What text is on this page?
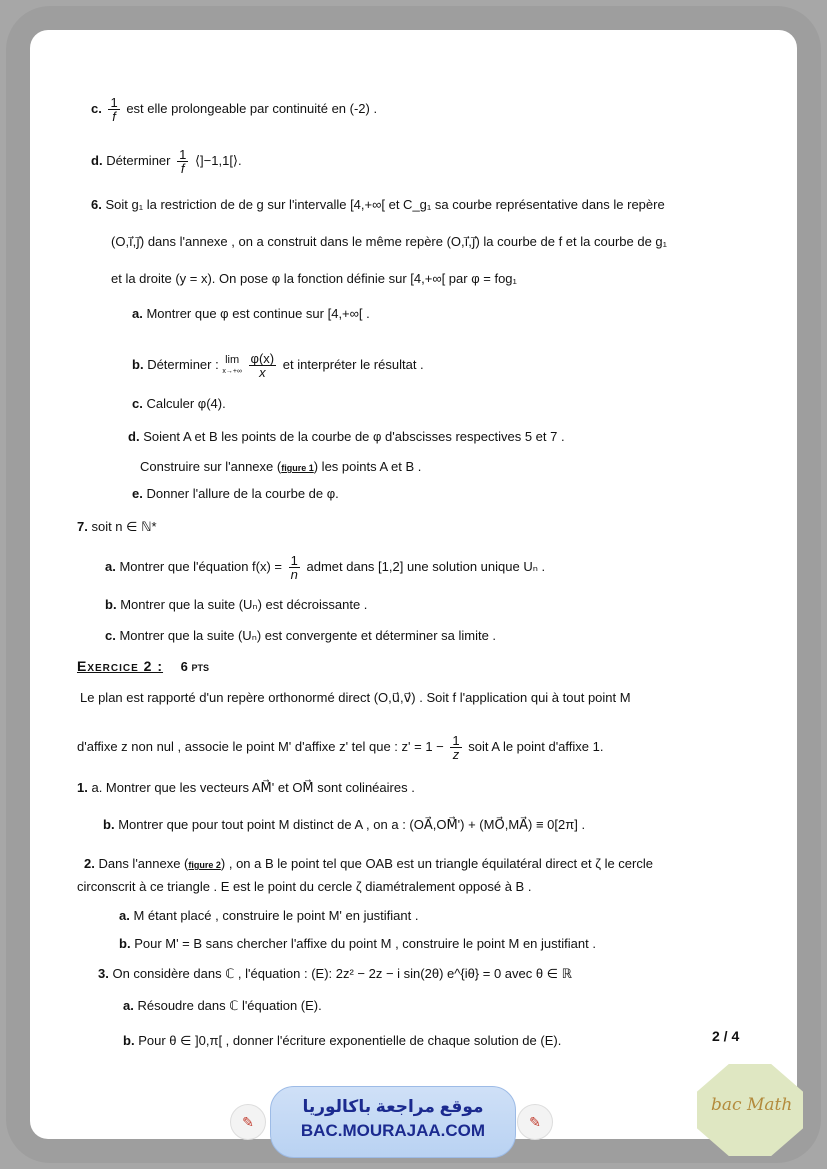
c. $\frac{1}{f}$ est elle prolongeable par continuité en (-2) .
d. Déterminer $\frac{1}{f}$ ⟨]−1,1[⟩.
6. Soit g₁ la restriction de de g sur l'intervalle [4,+∞[ et C_g₁ sa courbe représentative dans le repère
(O,i⃗,j⃗) dans l'annexe , on a construit dans le même repère (O,i⃗,j⃗) la courbe de f et la courbe de g₁
et la droite (y = x). On pose φ la fonction définie sur [4,+∞[ par φ = fog₁
a. Montrer que φ est continue sur [4,+∞[ .
b. Déterminer : lim
x→+∞
$\frac{\varphi(x)}{x}$ et interpréter le résultat .
c. Calculer φ(4).
d. Soient A et B les points de la courbe de φ d'abscisses respectives 5 et 7 .
Construire sur l'annexe (figure 1) les points A et B .
e. Donner l'allure de la courbe de φ.
7. soit n ∈ ℕ*
a. Montrer que l'équation $f(x) = \frac{1}{n}$ admet dans [1,2] une solution unique Uₙ .
b. Montrer que la suite (Uₙ) est décroissante .
c. Montrer que la suite (Uₙ) est convergente et déterminer sa limite .
Exercice 2 : 6 pts
Le plan est rapporté d'un repère orthonormé direct (O,u⃗,v⃗) . Soit f l'application qui à tout point M
d'affixe z non nul , associe le point M' d'affixe z' tel que : $z' = 1 - \frac{1}{z}$ soit A le point d'affixe 1.
1. a. Montrer que les vecteurs AM⃗' et OM⃗ sont colinéaires .
b. Montrer que pour tout point M distinct de A , on a : (OA⃗,OM⃗') + (MO⃗,MA⃗) ≡ 0[2π] .
2. Dans l'annexe (figure 2) , on a B le point tel que OAB est un triangle équilatéral direct et ζ le cercle
circonscrit à ce triangle . E est le point du cercle ζ diamétralement opposé à B .
a. M étant placé , construire le point M' en justifiant .
b. Pour M' = B sans chercher l'affixe du point M , construire le point M en justifiant .
3. On considère dans ℂ , l'équation : (E): 2z² − 2z − i sin(2θ) e^{iθ} = 0 avec θ ∈ ℝ
a. Résoudre dans ℂ l'équation (E).
b. Pour θ ∈ ]0,π[ , donner l'écriture exponentielle de chaque solution de (E).	2 / 4
✎
موقع مراجعة باكالوريا
BAC.MOURAJAA.COM	✎
bac Math
